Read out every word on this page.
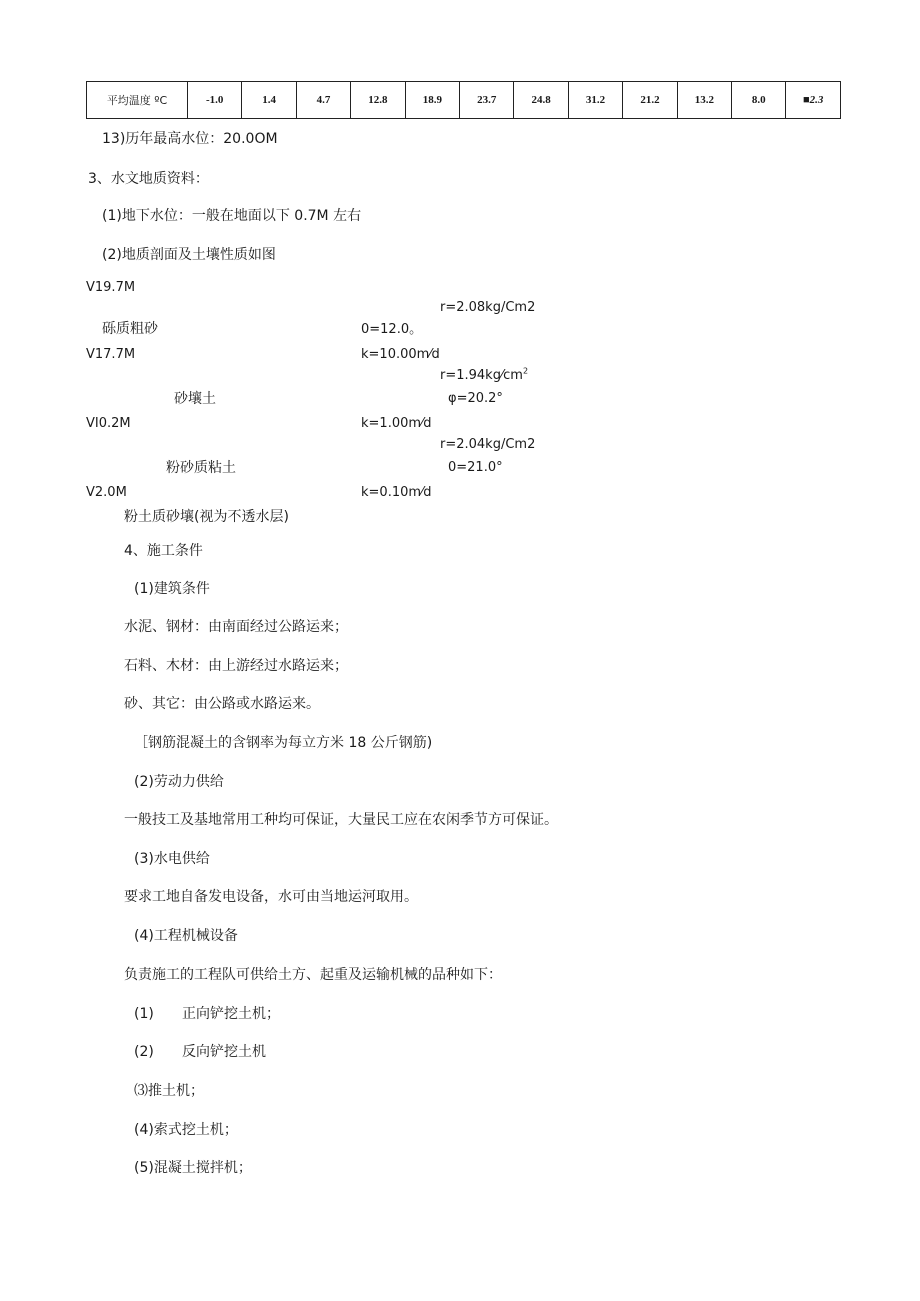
平均温度 ºC	-1.0	1.4	4.7	12.8	18.9	23.7	24.8	31.2	21.2	13.2	8.0	■2.3
13)历年最高水位：20.0OM
3、水文地质资料：
(1)地下水位：一般在地面以下 0.7M 左右
(2)地质剖面及土壤性质如图
V19.7M
r=2.08kg/Cm2
砾质粗砂	0=12.0。
V17.7M	k=10.00m⁄d
$r=1.94kg⁄cm^2$
砂壤土	φ=20.2°
VI0.2M	k=1.00m⁄d
r=2.04kg/Cm2
粉砂质粘土	0=21.0°
V2.0M	k=0.10m⁄d
粉土质砂壤(视为不透水层)
4、施工条件
(1)建筑条件
水泥、钢材：由南面经过公路运来；
石料、木材：由上游经过水路运来；
砂、其它：由公路或水路运来。
［钢筋混凝土的含钢率为每立方米 18 公斤钢筋)
(2)劳动力供给
一般技工及基地常用工种均可保证，大量民工应在农闲季节方可保证。
(3)水电供给
要求工地自备发电设备，水可由当地运河取用。
(4)工程机械设备
负责施工的工程队可供给土方、起重及运输机械的品种如下：
(1) 正向铲挖土机；
(2) 反向铲挖土机
⑶推土机；
(4)索式挖土机；
(5)混凝土搅拌机；
